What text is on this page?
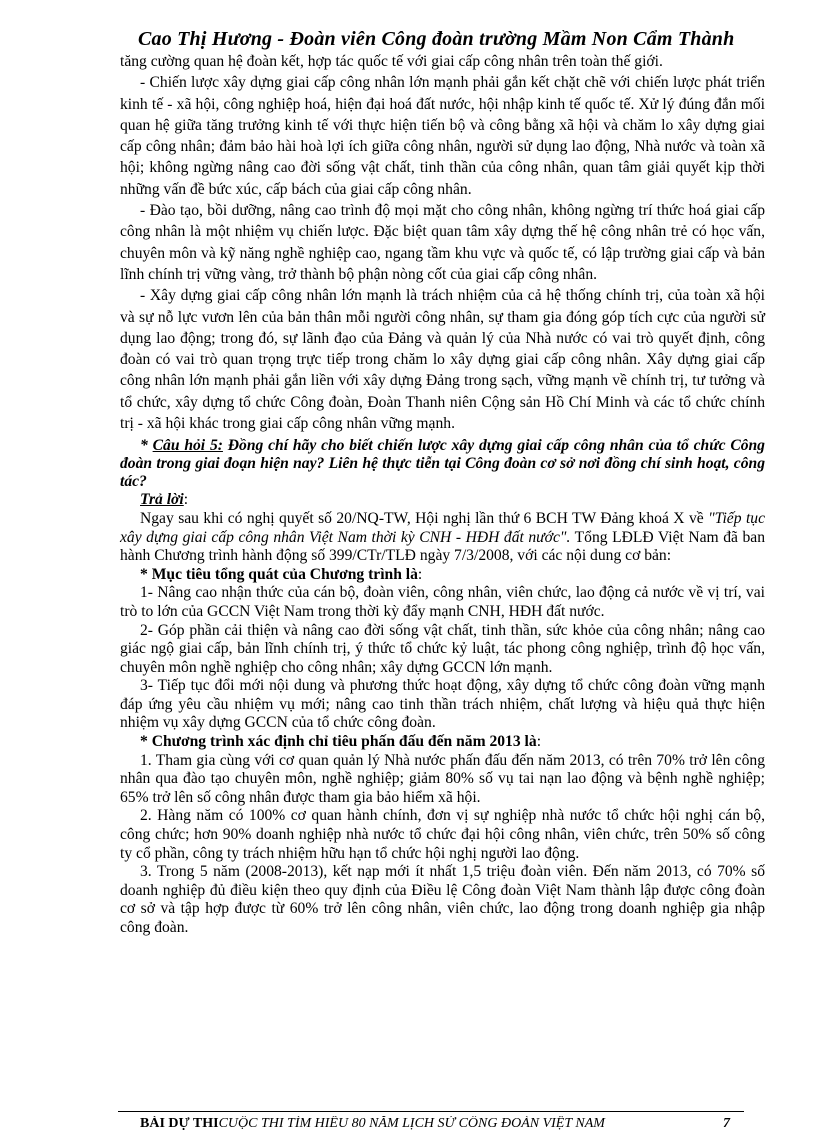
Cao Thị Hương - Đoàn viên Công đoàn trường Mầm Non Cẩm Thành

tăng cường quan hệ đoàn kết, hợp tác quốc tế với giai cấp công nhân trên toàn thế giới.

- Chiến lược xây dựng giai cấp công nhân lớn mạnh phải gắn kết chặt chẽ với chiến lược phát triển kinh tế - xã hội, công nghiệp hoá, hiện đại hoá đất nước, hội nhập kinh tế quốc tế. Xử lý đúng đắn mối quan hệ giữa tăng trưởng kinh tế với thực hiện tiến bộ và công bằng xã hội và chăm lo xây dựng giai cấp công nhân; đảm bảo hài hoà lợi ích giữa công nhân, người sử dụng lao động, Nhà nước và toàn xã hội; không ngừng nâng cao đời sống vật chất, tinh thần của công nhân, quan tâm giải quyết kịp thời những vấn đề bức xúc, cấp bách của giai cấp công nhân.

- Đào tạo, bồi dưỡng, nâng cao trình độ mọi mặt cho công nhân, không ngừng trí thức hoá giai cấp công nhân là một nhiệm vụ chiến lược. Đặc biệt quan tâm xây dựng thế hệ công nhân trẻ có học vấn, chuyên môn và kỹ năng nghề nghiệp cao, ngang tầm khu vực và quốc tế, có lập trường giai cấp và bản lĩnh chính trị vững vàng, trở thành bộ phận nòng cốt của giai cấp công nhân.

- Xây dựng giai cấp công nhân lớn mạnh là trách nhiệm của cả hệ thống chính trị, của toàn xã hội và sự nỗ lực vươn lên của bản thân mỗi người công nhân, sự tham gia đóng góp tích cực của người sử dụng lao động; trong đó, sự lãnh đạo của Đảng và quản lý của Nhà nước có vai trò quyết định, công đoàn có vai trò quan trọng trực tiếp trong chăm lo xây dựng giai cấp công nhân. Xây dựng giai cấp công nhân lớn mạnh phải gắn liền với xây dựng Đảng trong sạch, vững mạnh về chính trị, tư tưởng và tổ chức, xây dựng tổ chức Công đoàn, Đoàn Thanh niên Cộng sản Hồ Chí Minh và các tổ chức chính trị - xã hội khác trong giai cấp công nhân vững mạnh.

* Câu hỏi 5: Đồng chí hãy cho biết chiến lược xây dựng giai cấp công nhân của tổ chức Công đoàn trong giai đoạn hiện nay? Liên hệ thực tiễn tại Công đoàn cơ sở nơi đồng chí sinh hoạt, công tác?
Trả lời:

Ngay sau khi có nghị quyết số 20/NQ-TW, Hội nghị lần thứ 6 BCH TW Đảng khoá X về "Tiếp tục xây dựng giai cấp công nhân Việt Nam thời kỳ CNH - HĐH đất nước". Tổng LĐLĐ Việt Nam đã ban hành Chương trình hành động số 399/CTr/TLĐ ngày 7/3/2008, với các nội dung cơ bản:

* Mục tiêu tổng quát của Chương trình là:

1- Nâng cao nhận thức của cán bộ, đoàn viên, công nhân, viên chức, lao động cả nước về vị trí, vai trò to lớn của GCCN Việt Nam trong thời kỳ đẩy mạnh CNH, HĐH đất nước.

2- Góp phần cải thiện và nâng cao đời sống vật chất, tinh thần, sức khỏe của công nhân; nâng cao giác ngộ giai cấp, bản lĩnh chính trị, ý thức tổ chức kỷ luật, tác phong công nghiệp, trình độ học vấn, chuyên môn nghề nghiệp cho công nhân; xây dựng GCCN lớn mạnh.

3- Tiếp tục đổi mới nội dung và phương thức hoạt động, xây dựng tổ chức công đoàn vững mạnh đáp ứng yêu cầu nhiệm vụ mới; nâng cao tinh thần trách nhiệm, chất lượng và hiệu quả thực hiện nhiệm vụ xây dựng GCCN của tổ chức công đoàn.

* Chương trình xác định chỉ tiêu phấn đấu đến năm 2013 là:

1. Tham gia cùng với cơ quan quản lý Nhà nước phấn đấu đến năm 2013, có trên 70% trở lên công nhân qua đào tạo chuyên môn, nghề nghiệp; giảm 80% số vụ tai nạn lao động và bệnh nghề nghiệp; 65% trở lên số công nhân được tham gia bảo hiểm xã hội.

2. Hàng năm có 100% cơ quan hành chính, đơn vị sự nghiệp nhà nước tổ chức hội nghị cán bộ, công chức; hơn 90% doanh nghiệp nhà nước tổ chức đại hội công nhân, viên chức, trên 50% số công ty cổ phần, công ty trách nhiệm hữu hạn tổ chức hội nghị người lao động.

3. Trong 5 năm (2008-2013), kết nạp mới ít nhất 1,5 triệu đoàn viên. Đến năm 2013, có 70% số doanh nghiệp đủ điều kiện theo quy định của Điều lệ Công đoàn Việt Nam thành lập được công đoàn cơ sở và tập hợp được từ 60% trở lên công nhân, viên chức, lao động trong doanh nghiệp gia nhập công đoàn.

BÀI DỰ THICUỘC THI TÌM HIỂU 80 NĂM LỊCH SỬ CÔNG ĐOÀN VIỆT NAM	7
